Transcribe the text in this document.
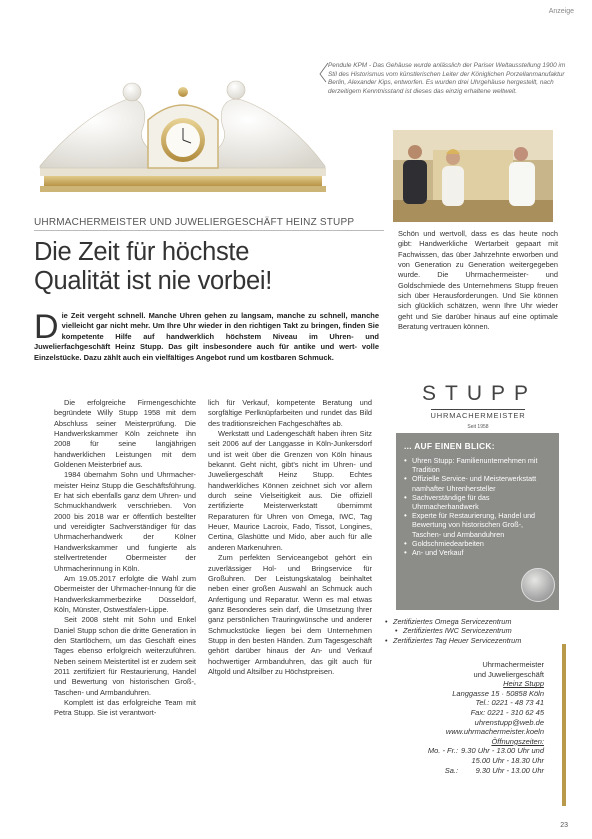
Anzeige
Pendule KPM - Das Gehäuse wurde anlässlich der Pariser Weltausstellung 1900 im Stil des Historismus vom künstlerischen Leiter der Königlichen Porzellanmanufaktur Berlin, Alexander Kips, entworfen. Es wurden drei Uhrgehäuse hergestellt, nach derzeitigem Kenntnisstand ist dieses das einzig erhaltene weltweit.
UHRMACHERMEISTER UND JUWELIERGESCHÄFT HEINZ STUPP
Die Zeit für höchste
Qualität ist nie vorbei!
Die Zeit vergeht schnell. Manche Uhren gehen zu langsam, manche zu schnell, manche vielleicht gar nicht mehr. Um Ihre Uhr wieder in den richtigen Takt zu bringen, finden Sie kompetente Hilfe auf handwerklich höchstem Niveau im Uhren- und Juwelierfachgeschäft Heinz Stupp. Das gilt insbesondere auch für antike und wert- volle Einzelstücke. Dazu zählt auch ein vielfältiges Angebot rund um kostbaren Schmuck.

Die erfolgreiche Firmengeschichte begründete Willy Stupp 1958 mit dem Abschluss seiner Meisterprüfung. Die Handwerkskammer Köln zeichnete ihn 2008 für seine langjährigen handwerklichen Leistungen mit dem Goldenen Meisterbrief aus.

1984 übernahm Sohn und Uhrmacher-meister Heinz Stupp die Geschäftsführung. Er hat sich ebenfalls ganz dem Uhren- und Schmuckhandwerk verschrieben. Von 2000 bis 2018 war er öffentlich bestellter und vereidigter Sachverständiger für das Uhrmacherhandwerk der Kölner Handwerkskammer und fungierte als stellvertretender Obermeister der Uhrmacherinnung in Köln.

Am 19.05.2017 erfolgte die Wahl zum Obermeister der Uhrmacher-Innung für die Handwerkskammerbezirke Düsseldorf, Köln, Münster, Ostwestfalen-Lippe.

Seit 2008 steht mit Sohn und Enkel Daniel Stupp schon die dritte Generation in den Startlöchern, um das Geschäft eines Tages ebenso erfolgreich weiterzuführen. Neben seinem Meistertitel ist er zudem seit 2011 zertifiziert für Restaurierung, Handel und Bewertung von historischen Groß-, Taschen- und Armbanduhren.

Komplett ist das erfolgreiche Team mit Petra Stupp. Sie ist verantwort-

lich für Verkauf, kompetente Beratung und sorgfältige Perlknüpfarbeiten und rundet das Bild des traditionsreichen Fachgeschäftes ab.

Werkstatt und Ladengeschäft haben ihren Sitz seit 2006 auf der Langgasse in Köln-Junkersdorf und ist weit über die Grenzen von Köln hinaus bekannt. Geht nicht, gibt's nicht im Uhren- und Juweliergeschäft Heinz Stupp. Echtes handwerkliches Können zeichnet sich vor allem durch seine Vielseitigkeit aus. Die offiziell zertifizierte Meisterwerkstatt übernimmt Reparaturen für Uhren von Omega, IWC, Tag Heuer, Maurice Lacroix, Fado, Tissot, Longines, Certina, Glashütte und Mido, aber auch für alle anderen Markenuhren.

Zum perfekten Serviceangebot gehört ein zuverlässiger Hol- und Bringservice für Großuhren. Der Leistungskatalog beinhaltet neben einer großen Auswahl an Schmuck auch Anfertigung und Reparatur. Wenn es mal etwas ganz Besonderes sein darf, die Umsetzung Ihrer ganz persönlichen Trauringwünsche und anderer Schmuckstücke liegen bei dem Unternehmen Stupp in den besten Händen. Zum Tagesgeschäft gehört darüber hinaus der An- und Verkauf hochwertiger Armbanduhren, das gilt auch für Altgold und Altsilber zu Höchstpreisen.

Schön und wertvoll, dass es das heute noch gibt: Handwerkliche Wertarbeit gepaart mit Fachwissen, das über Jahrzehnte erworben und von Generation zu Generation weitergegeben wurde. Die Uhrmachermeister- und Goldschmiede des Unternehmens Stupp freuen sich über Herausforderungen. Und Sie können sich glücklich schätzen, wenn Ihre Uhr wieder geht und Sie darüber hinaus auf eine optimale Beratung vertrauen können.

STUPP
UHRMACHERMEISTER
Seit 1958
... AUF EINEN BLICK:
• Uhren Stupp: Familienunternehmen mit Tradition
• Offizielle Service- und Meisterwerkstatt namhafter Uhrenhersteller
• Sachverständige für das Uhrmacherhandwerk
• Experte für Restaurierung, Handel und Bewertung von historischen Groß-, Taschen- und Armbanduhren
• Goldschmiedearbeiten
• An- und Verkauf
• Zertifiziertes Omega Servicezentrum
• Zertifiziertes IWC Servicezentrum
• Zertifiziertes Tag Heuer Servicezentrum
Uhrmachermeister
und Juweliergeschäft
Heinz Stupp
Langgasse 15 · 50858 Köln
Tel.: 0221 - 48 73 41
Fax: 0221 - 310 62 45
uhrenstupp@web.de
www.uhrmachermeister.koeln
Öffnungszeiten:
Mo. - Fr.:	9.30 Uhr - 13.00 Uhr und
	15.00 Uhr - 18.30 Uhr
Sa.:	9.30 Uhr - 13.00 Uhr
23
